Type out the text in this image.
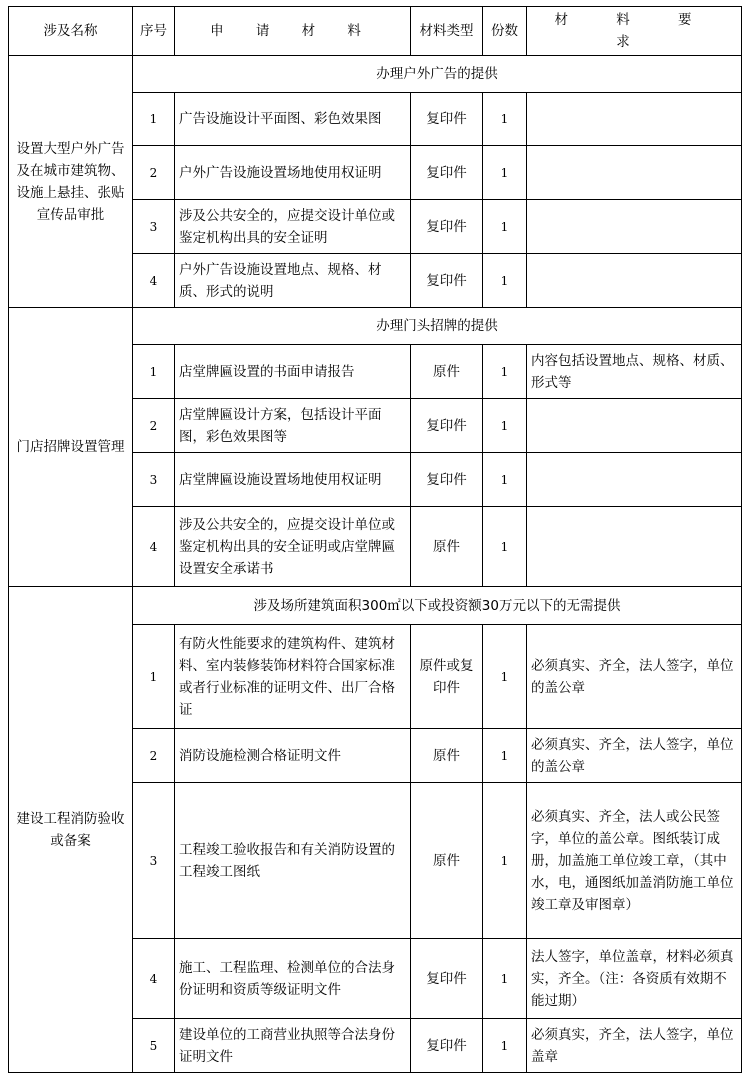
涉及名称	序号	申 请 材 料	材料类型	份数	材 料 要 求
设置大型户外广告及在城市建筑物、设施上悬挂、张贴宣传品审批	办理户外广告的提供				
	1	广告设施设计平面图、彩色效果图	复印件	1	
	2	户外广告设施设置场地使用权证明	复印件	1	
	3	涉及公共安全的，应提交设计单位或鉴定机构出具的安全证明	复印件	1	
	4	户外广告设施设置地点、规格、材质、形式的说明	复印件	1	
门店招牌设置管理	办理门头招牌的提供				
	1	店堂牌匾设置的书面申请报告	原件	1	内容包括设置地点、规格、材质、形式等
	2	店堂牌匾设计方案，包括设计平面图，彩色效果图等	复印件	1	
	3	店堂牌匾设施设置场地使用权证明	复印件	1	
	4	涉及公共安全的，应提交设计单位或鉴定机构出具的安全证明或店堂牌匾设置安全承诺书	原件	1	
建设工程消防验收或备案	涉及场所建筑面积300㎡以下或投资额30万元以下的无需提供				
	1	有防火性能要求的建筑构件、建筑材料、室内装修装饰材料符合国家标准或者行业标准的证明文件、出厂合格证	原件或复印件	1	必须真实、齐全，法人签字，单位的盖公章
	2	消防设施检测合格证明文件	原件	1	必须真实、齐全，法人签字，单位的盖公章
	3	工程竣工验收报告和有关消防设置的工程竣工图纸	原件	1	必须真实、齐全，法人或公民签字，单位的盖公章。图纸装订成册，加盖施工单位竣工章，（其中水，电，通图纸加盖消防施工单位竣工章及审图章）
	4	施工、工程监理、检测单位的合法身份证明和资质等级证明文件	复印件	1	法人签字，单位盖章，材料必须真实，齐全。（注：各资质有效期不能过期）
	5	建设单位的工商营业执照等合法身份证明文件	复印件	1	必须真实，齐全，法人签字，单位盖章
